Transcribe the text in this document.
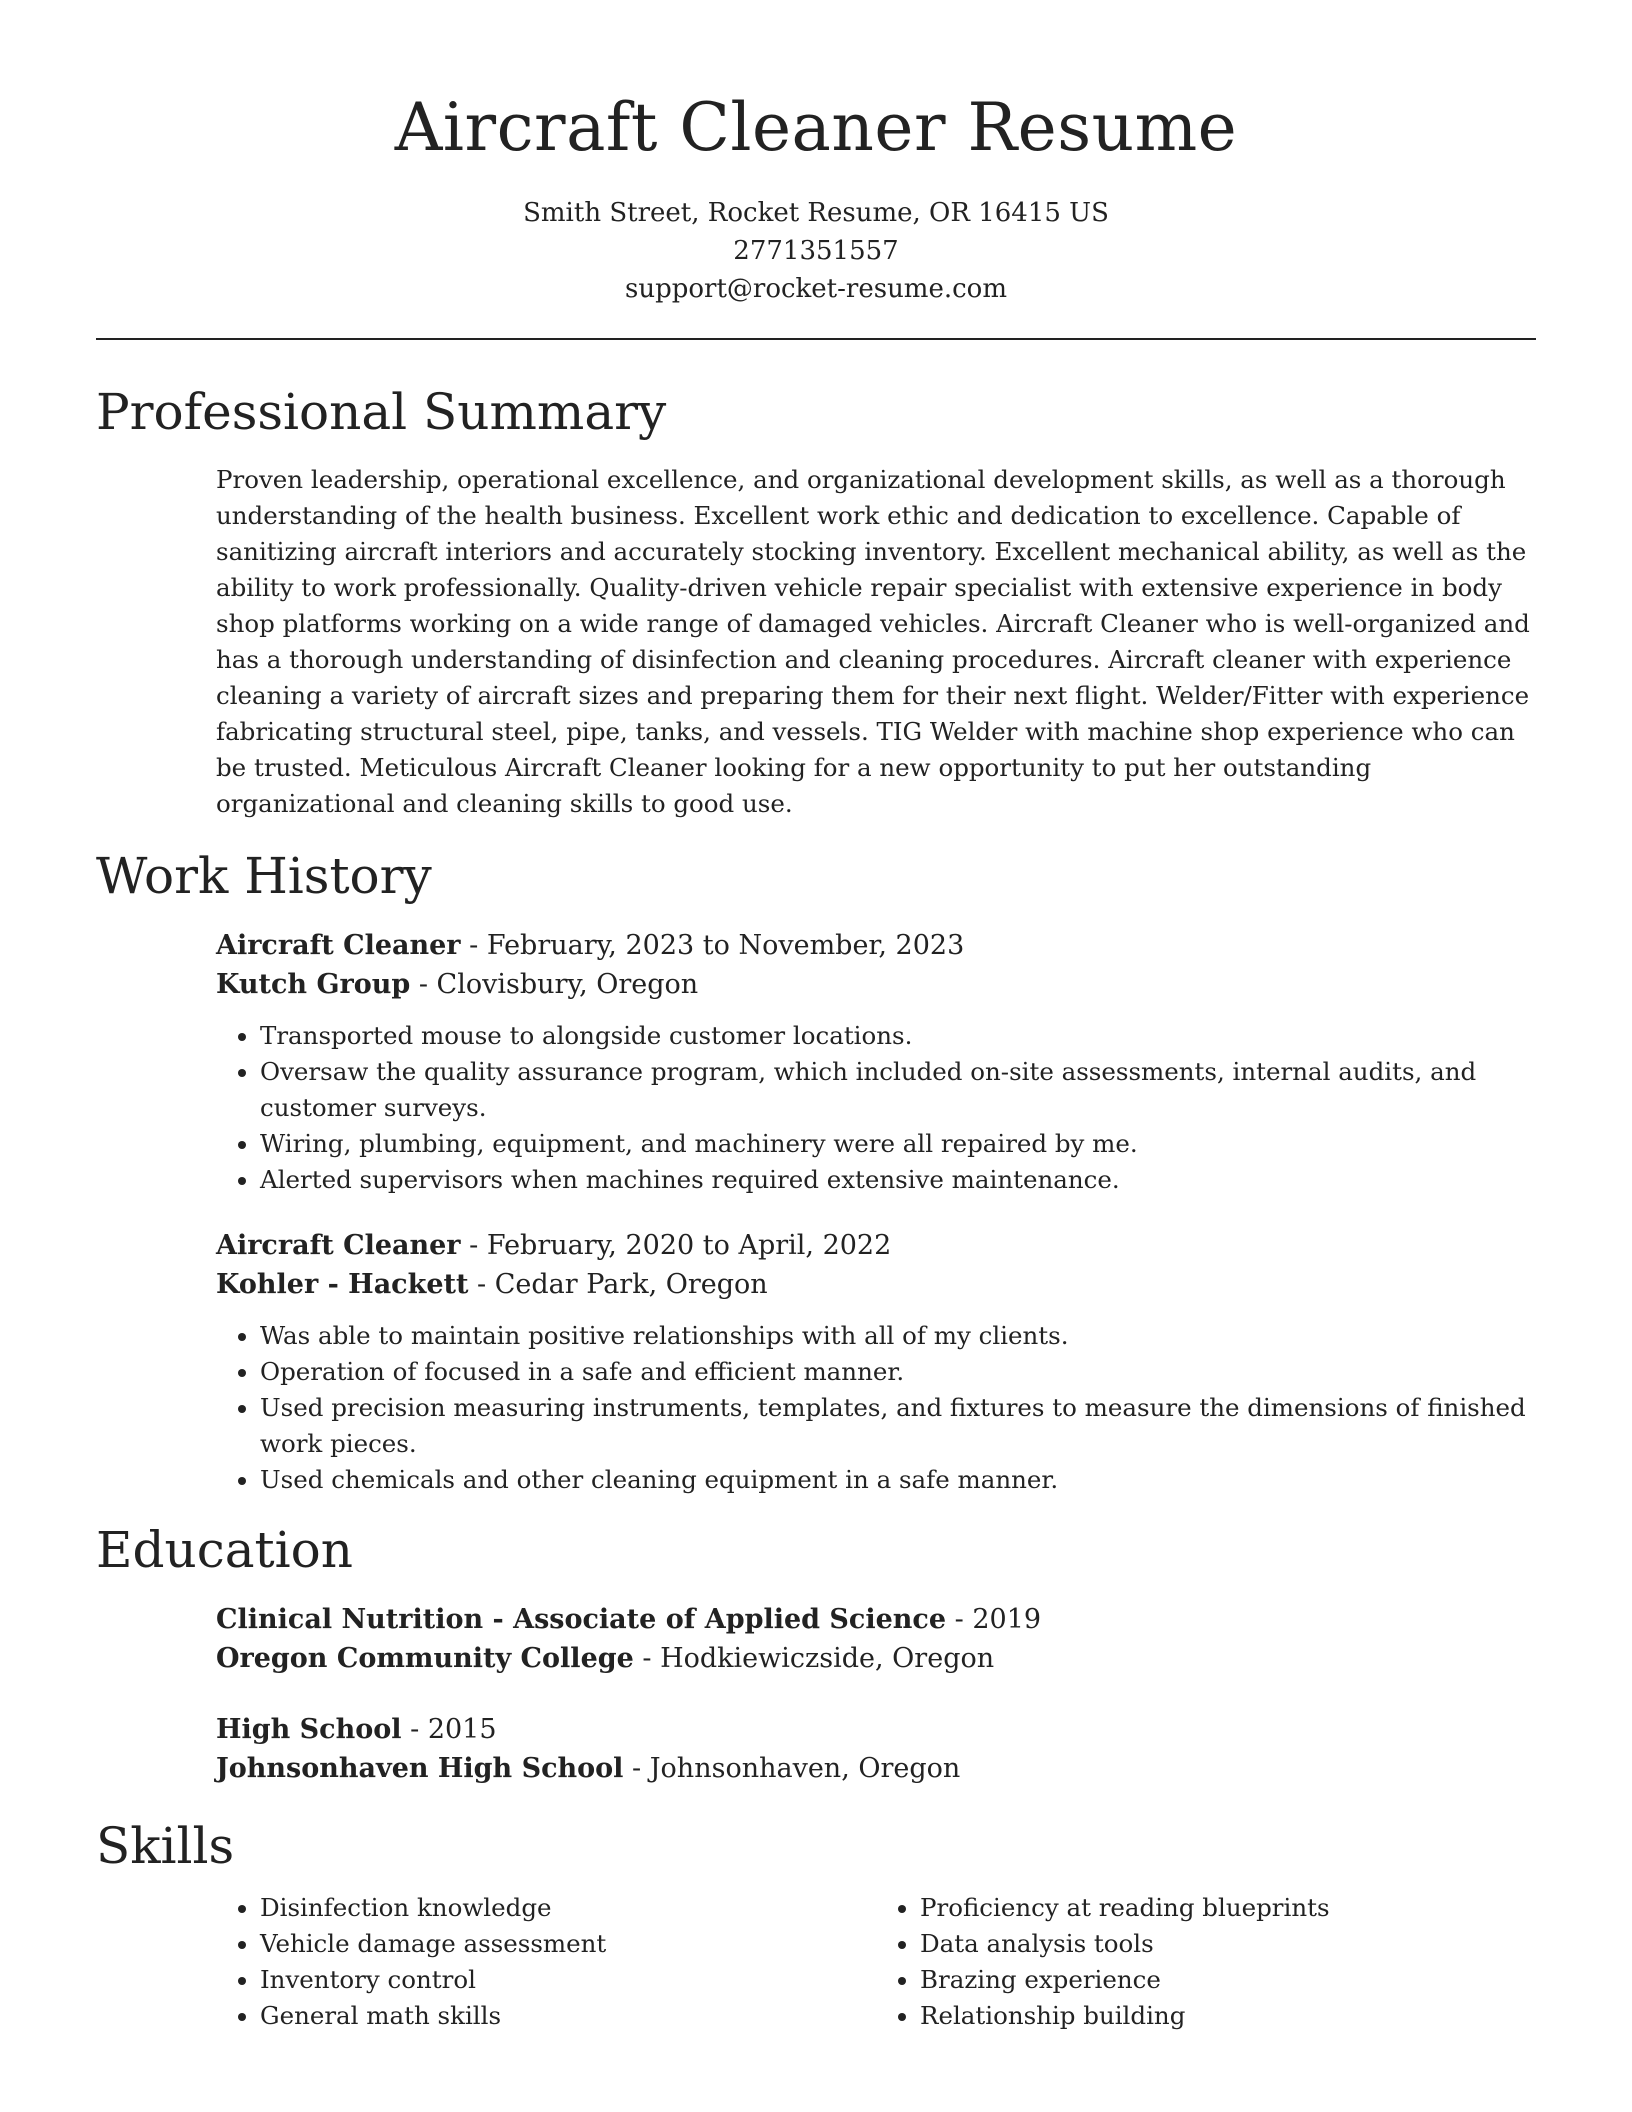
Aircraft Cleaner Resume
Smith Street, Rocket Resume, OR 16415 US
2771351557
support@rocket-resume.com
Professional Summary
Proven leadership, operational excellence, and organizational development skills, as well as a thorough understanding of the health business. Excellent work ethic and dedication to excellence. Capable of sanitizing aircraft interiors and accurately stocking inventory. Excellent mechanical ability, as well as the ability to work professionally. Quality-driven vehicle repair specialist with extensive experience in body shop platforms working on a wide range of damaged vehicles. Aircraft Cleaner who is well-organized and has a thorough understanding of disinfection and cleaning procedures. Aircraft cleaner with experience cleaning a variety of aircraft sizes and preparing them for their next flight. Welder/Fitter with experience fabricating structural steel, pipe, tanks, and vessels. TIG Welder with machine shop experience who can be trusted. Meticulous Aircraft Cleaner looking for a new opportunity to put her outstanding organizational and cleaning skills to good use.
Work History
Aircraft Cleaner - February, 2023 to November, 2023
Kutch Group - Clovisbury, Oregon
• Transported mouse to alongside customer locations.
• Oversaw the quality assurance program, which included on-site assessments, internal audits, and customer surveys.
• Wiring, plumbing, equipment, and machinery were all repaired by me.
• Alerted supervisors when machines required extensive maintenance.
Aircraft Cleaner - February, 2020 to April, 2022
Kohler - Hackett - Cedar Park, Oregon
• Was able to maintain positive relationships with all of my clients.
• Operation of focused in a safe and efficient manner.
• Used precision measuring instruments, templates, and fixtures to measure the dimensions of finished work pieces.
• Used chemicals and other cleaning equipment in a safe manner.
Education
Clinical Nutrition - Associate of Applied Science - 2019
Oregon Community College - Hodkiewiczside, Oregon
High School - 2015
Johnsonhaven High School - Johnsonhaven, Oregon
Skills
• Disinfection knowledge
• Vehicle damage assessment
• Inventory control
• General math skills
• Proficiency at reading blueprints
• Data analysis tools
• Brazing experience
• Relationship building
